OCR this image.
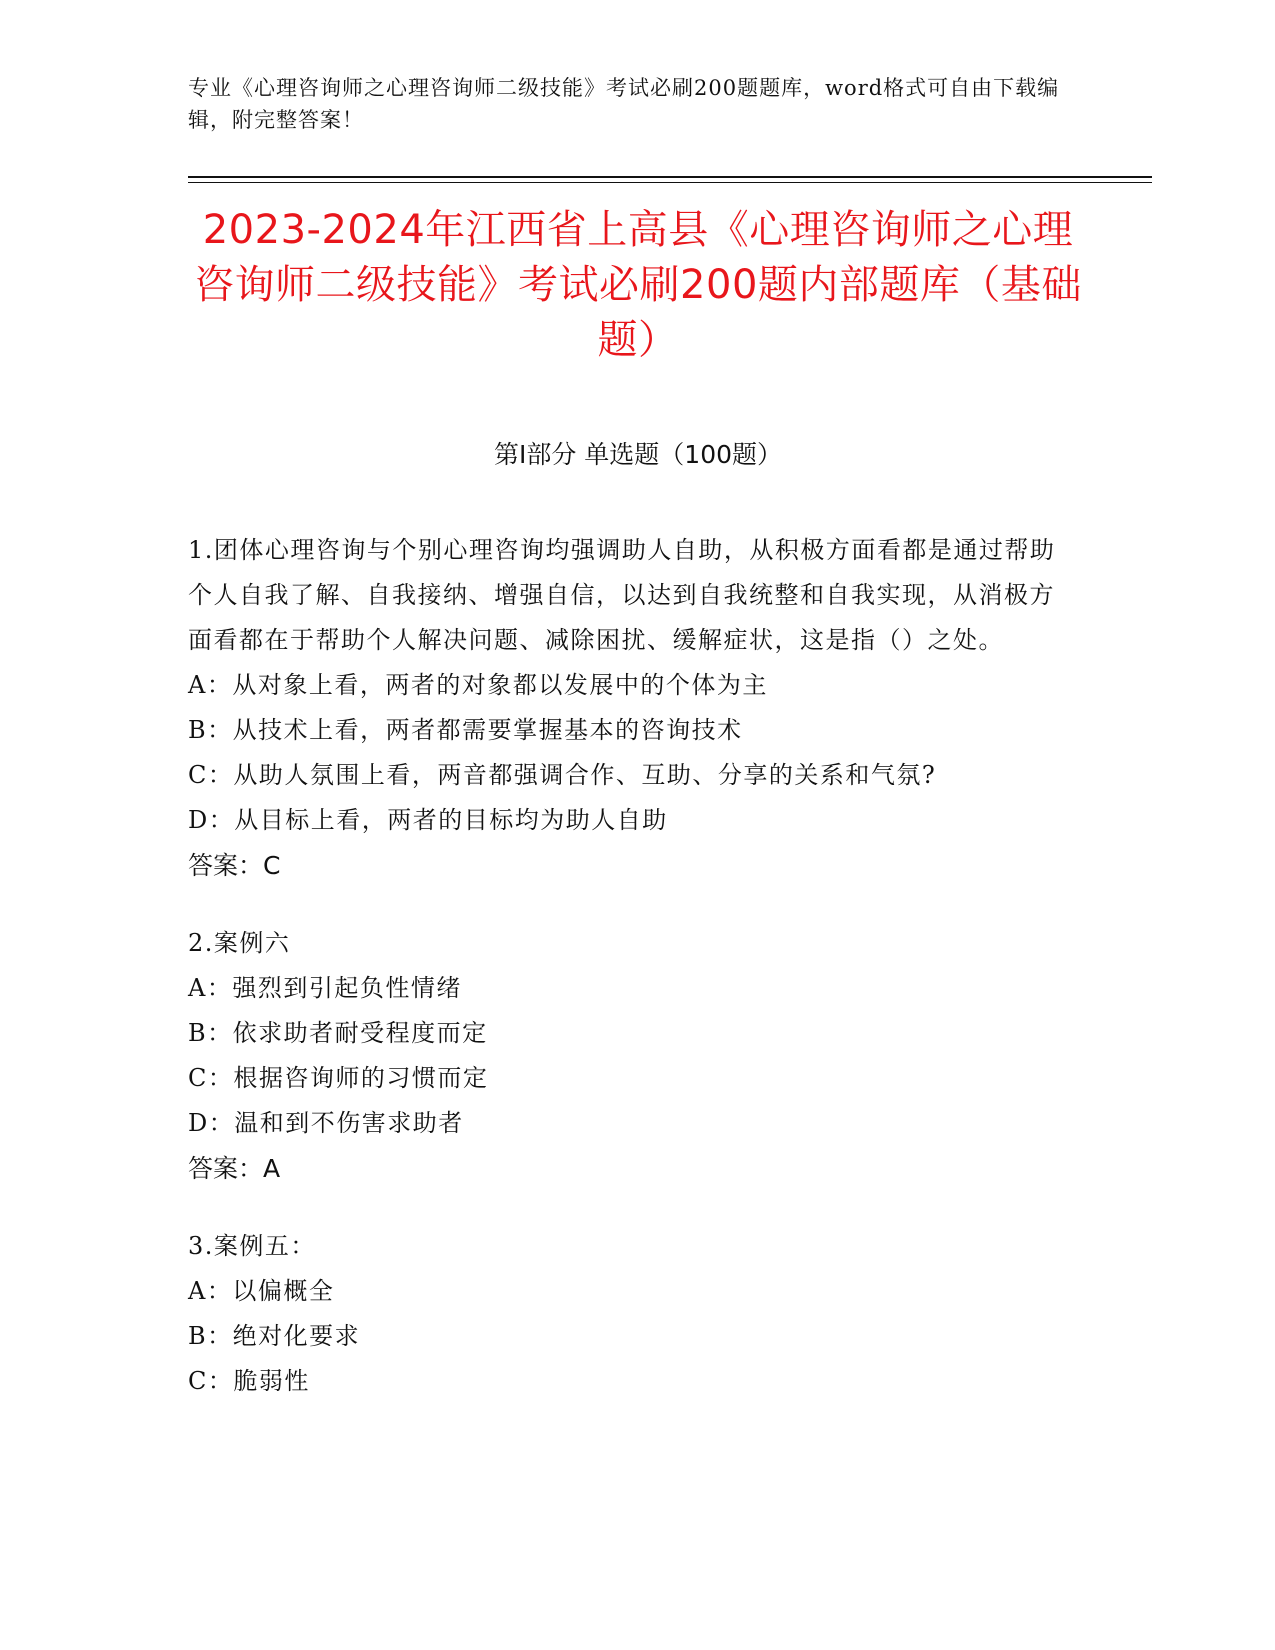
专业《心理咨询师之心理咨询师二级技能》考试必刷200题题库，word格式可自由下载编辑，附完整答案！
2023-2024年江西省上高县《心理咨询师之心理咨询师二级技能》考试必刷200题内部题库（基础题）
第I部分 单选题（100题）

1.团体心理咨询与个别心理咨询均强调助人自助，从积极方面看都是通过帮助个人自我了解、自我接纳、增强自信，以达到自我统整和自我实现，从消极方面看都在于帮助个人解决问题、减除困扰、缓解症状，这是指（）之处。

A：从对象上看，两者的对象都以发展中的个体为主

B：从技术上看，两者都需要掌握基本的咨询技术

C：从助人氛围上看，两音都强调合作、互助、分享的关系和气氛?

D：从目标上看，两者的目标均为助人自助

答案：C

2.案例六

A：强烈到引起负性情绪

B：依求助者耐受程度而定

C：根据咨询师的习惯而定

D：温和到不伤害求助者

答案：A

3.案例五：

A：以偏概全

B：绝对化要求

C：脆弱性
